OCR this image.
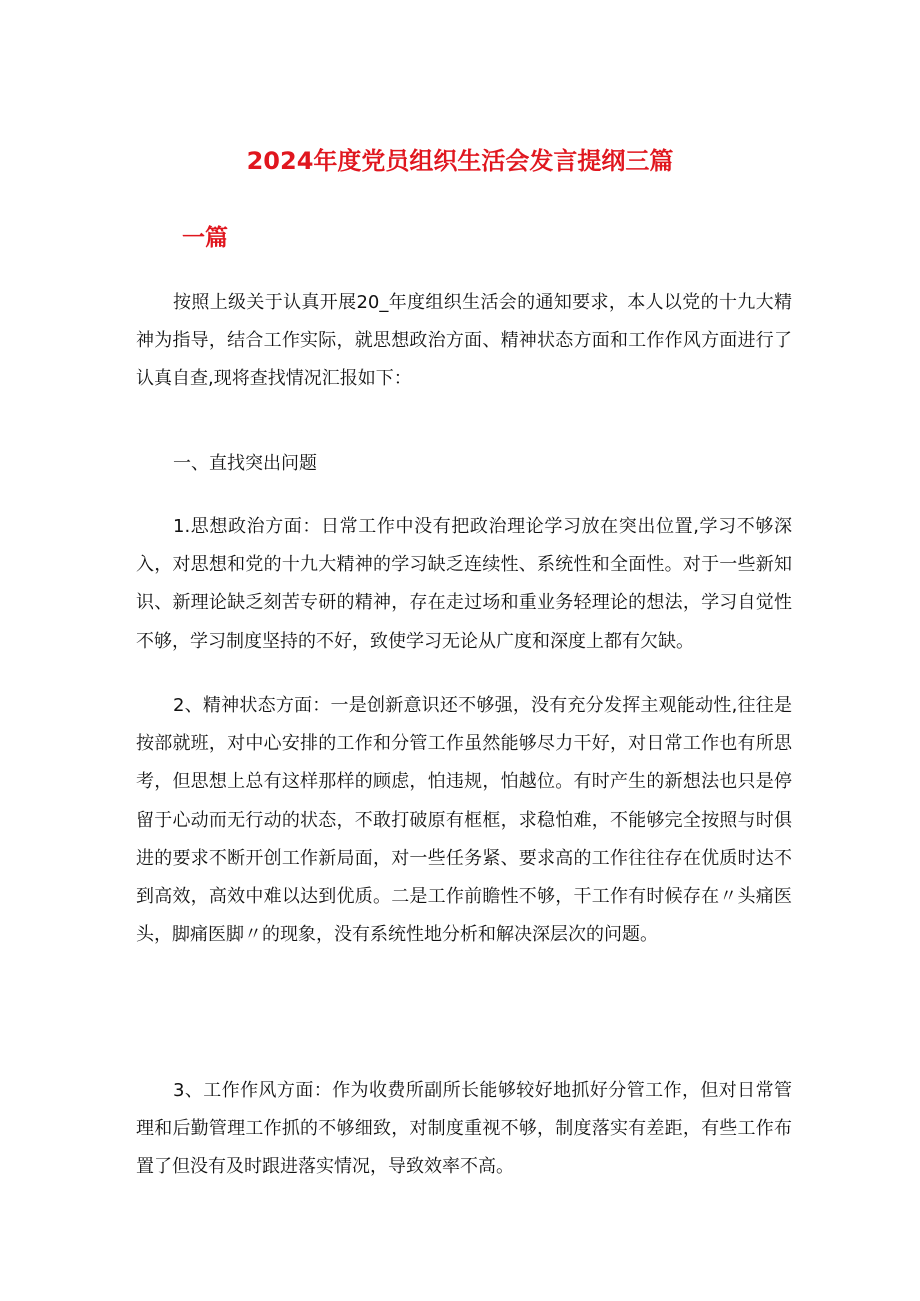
2024年度党员组织生活会发言提纲三篇
一篇

按照上级关于认真开展20_年度组织生活会的通知要求，本人以党的十九大精神为指导，结合工作实际，就思想政治方面、精神状态方面和工作作风方面进行了认真自查,现将查找情况汇报如下：

一、直找突出问题

1.思想政治方面：日常工作中没有把政治理论学习放在突出位置,学习不够深入，对思想和党的十九大精神的学习缺乏连续性、系统性和全面性。对于一些新知识、新理论缺乏刻苦专研的精神，存在走过场和重业务轻理论的想法，学习自觉性不够，学习制度坚持的不好，致使学习无论从广度和深度上都有欠缺。

2、精神状态方面：一是创新意识还不够强，没有充分发挥主观能动性,往往是按部就班，对中心安排的工作和分管工作虽然能够尽力干好，对日常工作也有所思考，但思想上总有这样那样的顾虑，怕违规，怕越位。有时产生的新想法也只是停留于心动而无行动的状态，不敢打破原有框框，求稳怕难，不能够完全按照与时俱进的要求不断开创工作新局面，对一些任务紧、要求高的工作往往存在优质时达不到高效，高效中难以达到优质。二是工作前瞻性不够，干工作有时候存在〃头痛医头，脚痛医脚〃的现象，没有系统性地分析和解决深层次的问题。

3、工作作风方面：作为收费所副所长能够较好地抓好分管工作，但对日常管理和后勤管理工作抓的不够细致，对制度重视不够，制度落实有差距，有些工作布置了但没有及时跟进落实情况，导致效率不高。
